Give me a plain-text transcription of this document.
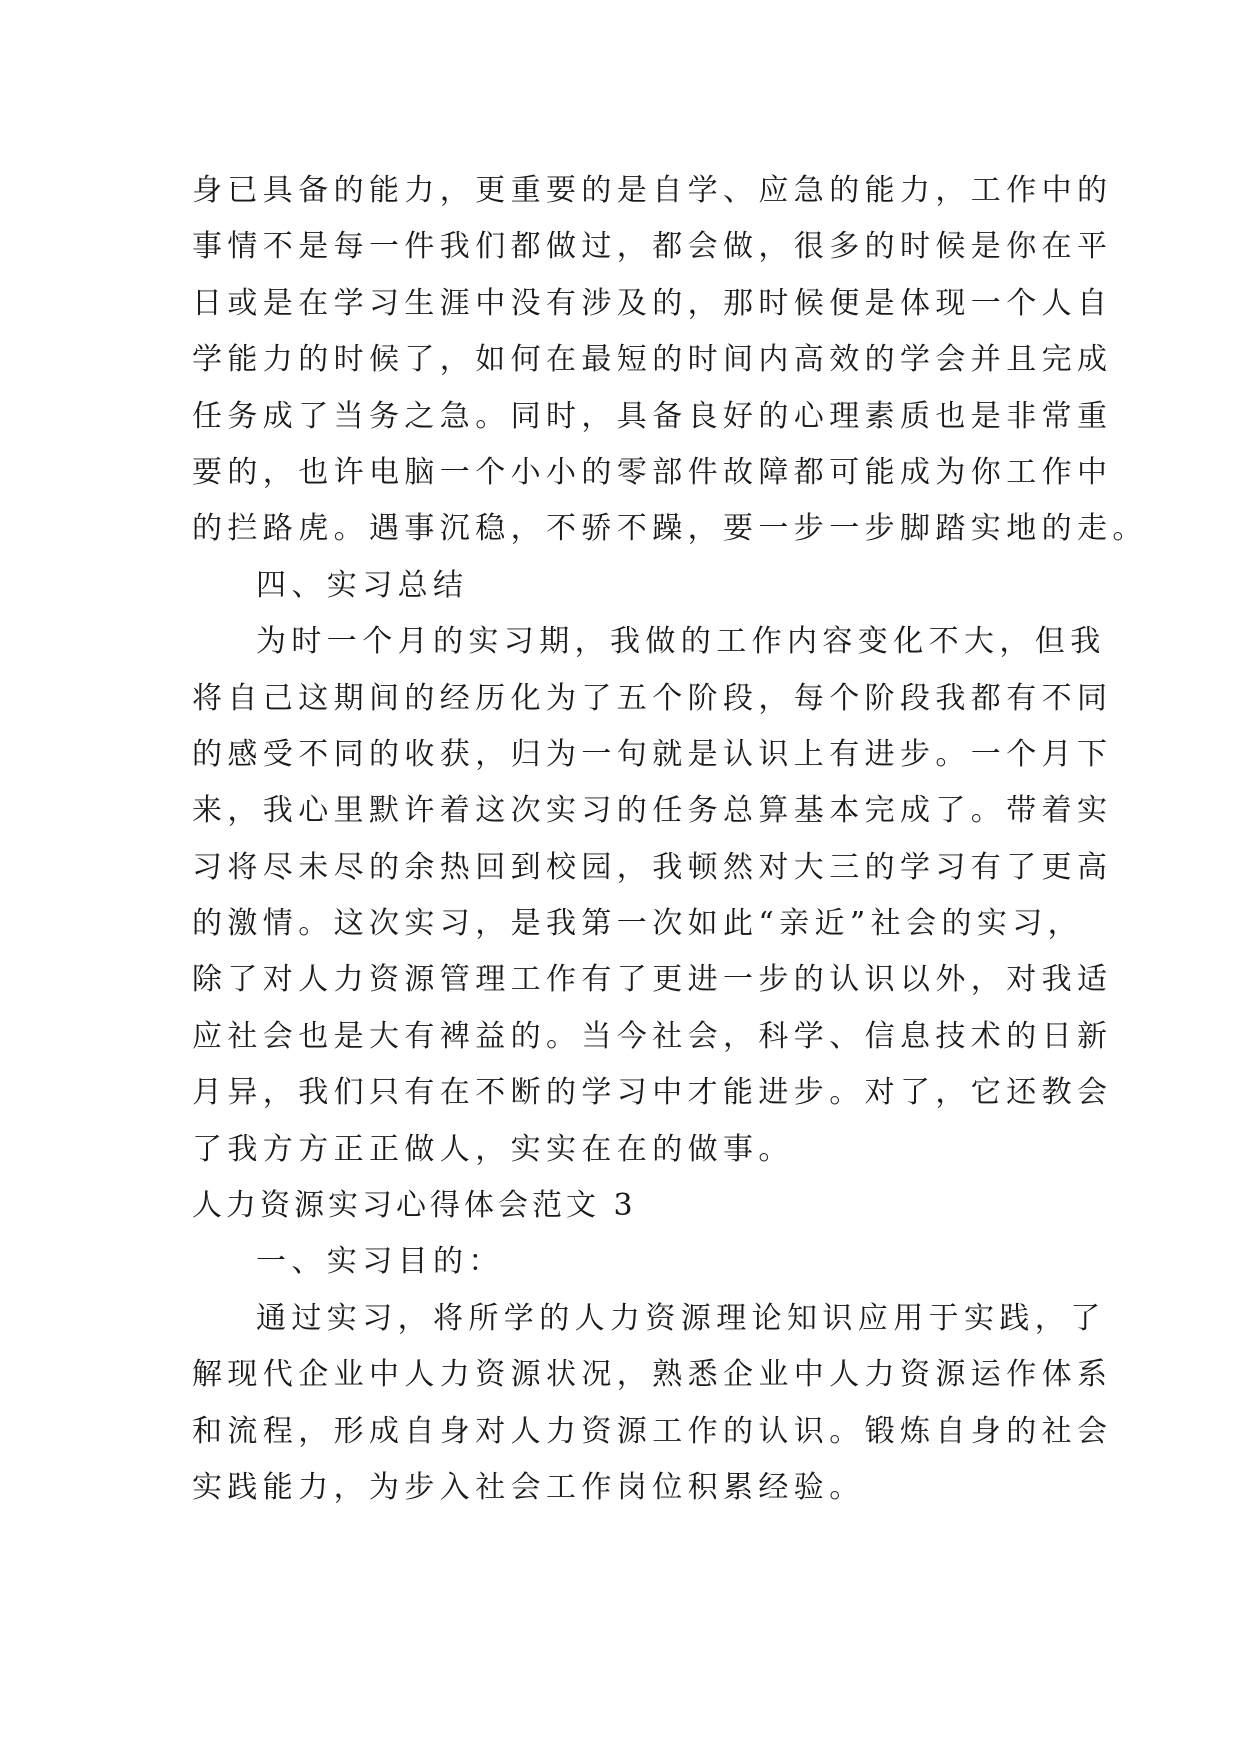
身已具备的能力，更重要的是自学、应急的能力，工作中的
事情不是每一件我们都做过，都会做，很多的时候是你在平
日或是在学习生涯中没有涉及的，那时候便是体现一个人自
学能力的时候了，如何在最短的时间内高效的学会并且完成
任务成了当务之急。同时，具备良好的心理素质也是非常重
要的，也许电脑一个小小的零部件故障都可能成为你工作中
的拦路虎。遇事沉稳，不骄不躁，要一步一步脚踏实地的走。
四、实习总结
为时一个月的实习期，我做的工作内容变化不大，但我
将自己这期间的经历化为了五个阶段，每个阶段我都有不同
的感受不同的收获，归为一句就是认识上有进步。一个月下
来，我心里默许着这次实习的任务总算基本完成了。带着实
习将尽未尽的余热回到校园，我顿然对大三的学习有了更高
的激情。这次实习，是我第一次如此“亲近”社会的实习，
除了对人力资源管理工作有了更进一步的认识以外，对我适
应社会也是大有裨益的。当今社会，科学、信息技术的日新
月异，我们只有在不断的学习中才能进步。对了，它还教会
了我方方正正做人，实实在在的做事。
人力资源实习心得体会范文 3
一、实习目的：
通过实习，将所学的人力资源理论知识应用于实践，了
解现代企业中人力资源状况，熟悉企业中人力资源运作体系
和流程，形成自身对人力资源工作的认识。锻炼自身的社会
实践能力，为步入社会工作岗位积累经验。
